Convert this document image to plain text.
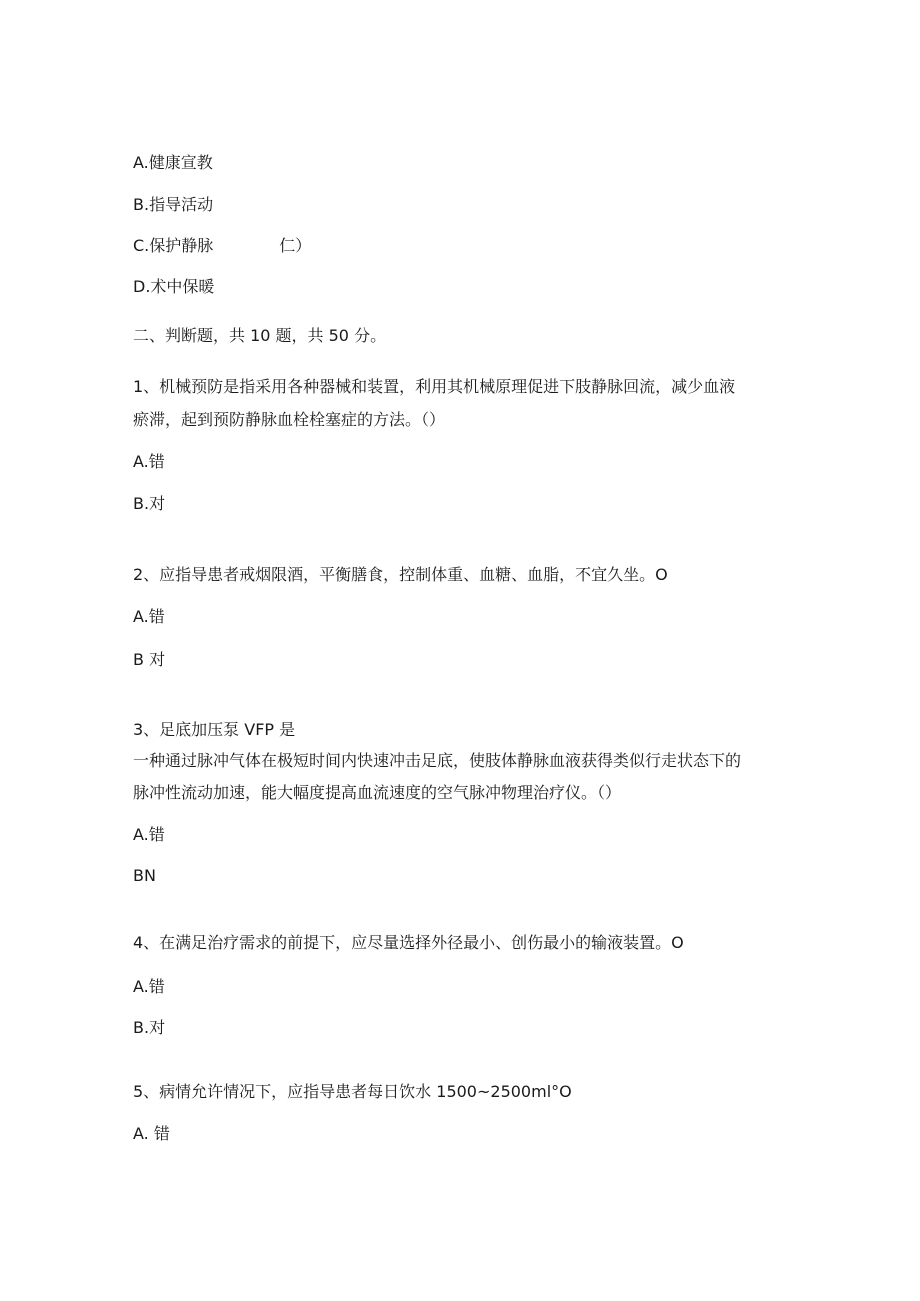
A.健康宣教
B.指导活动
C.保护静脉	仁）
D.术中保暖
二、判断题，共 10 题，共 50 分。
1、机械预防是指采用各种器械和装置，利用其机械原理促进下肢静脉回流，减少血液
瘀滞，起到预防静脉血栓栓塞症的方法。（）
A.错
B.对
2、应指导患者戒烟限酒，平衡膳食，控制体重、血糖、血脂，不宜久坐。O
A.错
B 对
3、足底加压泵 VFP 是
一种通过脉冲气体在极短时间内快速冲击足底，使肢体静脉血液获得类似行走状态下的
脉冲性流动加速，能大幅度提高血流速度的空气脉冲物理治疗仪。（）
A.错
BN
4、在满足治疗需求的前提下，应尽量选择外径最小、创伤最小的输液装置。O
A.错
B.对
5、病情允许情况下，应指导患者每日饮水 1500~2500ml°O
A. 错
